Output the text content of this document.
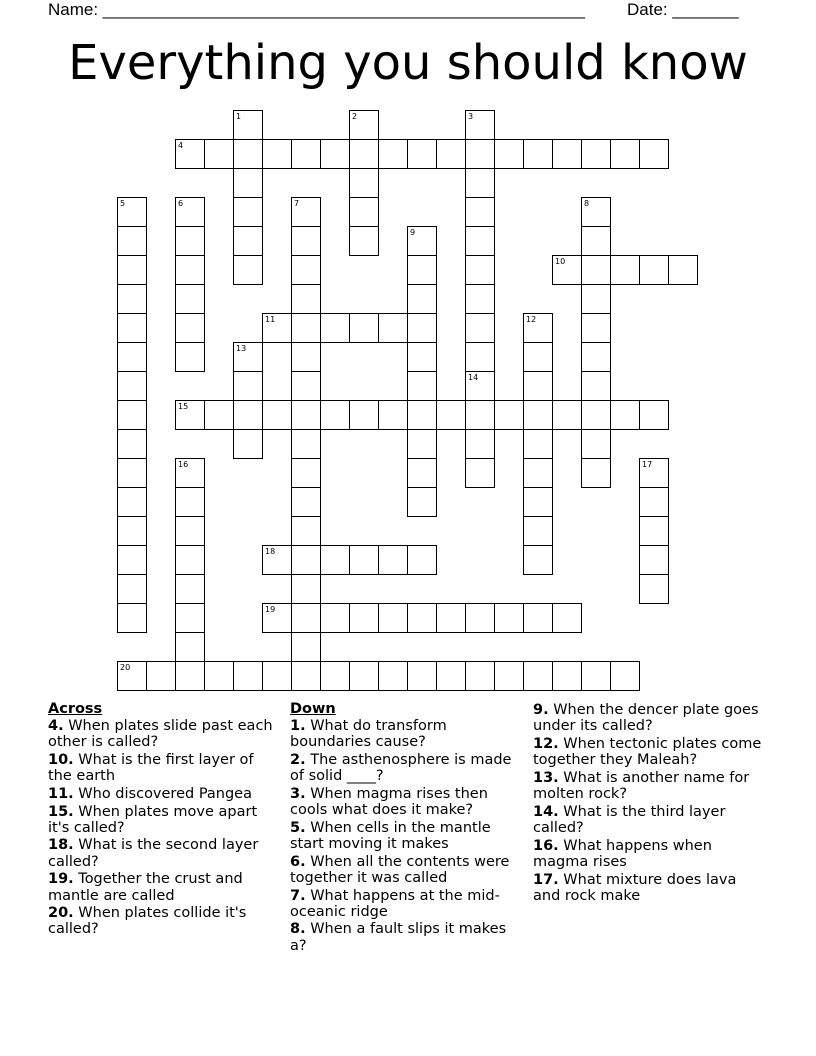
Name: ___________________________________________________ Date: _______
Everything you should know
4
10
11
15
18
19
20
1	2	3
5	6	7	8
9
12
13
14
16	17
Across
4. When plates slide past each other is called?
10. What is the first layer of the earth
11. Who discovered Pangea
15. When plates move apart it's called?
18. What is the second layer called?
19. Together the crust and mantle are called
20. When plates collide it's called?
Down
1. What do transform boundaries cause?
2. The asthenosphere is made of solid ____?
3. When magma rises then cools what does it make?
5. When cells in the mantle start moving it makes
6. When all the contents were together it was called
7. What happens at the mid-oceanic ridge
8. When a fault slips it makes a?
9. When the dencer plate goes under its called?
12. When tectonic plates come together they Maleah?
13. What is another name for molten rock?
14. What is the third layer called?
16. What happens when magma rises
17. What mixture does lava and rock make
